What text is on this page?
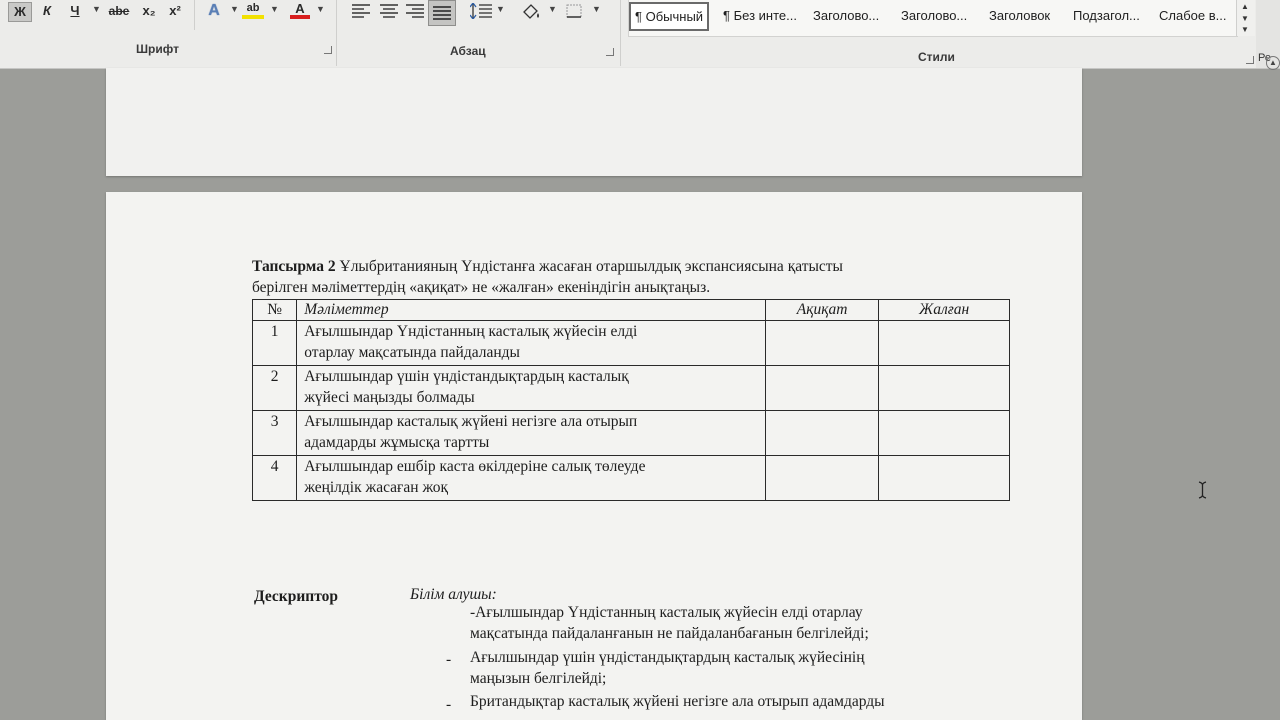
Ж	К	Ч	▼ abe	x₂	x²	A	▼ ab	▼	A	▼
Шрифт
▼	▼	▼
Абзац
¶ Обычный	¶ Без инте... Заголово... Заголово... Заголовок Подзагол... Слабое в...
▲
▼
▼
Стили	Ре
▲
Тапсырма 2 Ұлыбританияның Үндістанға жасаған отаршылдық экспансиясына қатысты
берілген мәліметтердің «ақиқат» не «жалған» екеніндігін анықтаңыз.
№	Мәліметтер	Ақиқат	Жалған
1	Ағылшындар Үндістанның касталық жүйесін елді
отарлау мақсатында пайдаланды		
2	Ағылшындар үшін үндістандықтардың касталық
жүйесі маңызды болмады		
3	Ағылшындар касталық жүйені негізге ала отырып
адамдарды жұмысқа тартты		
4	Ағылшындар ешбір каста өкілдеріне салық төлеуде
жеңілдік жасаған жоқ		
Дескриптор	Білім алушы:
-Ағылшындар Үндістанның касталық жүйесін елді отарлау
мақсатында пайдаланғанын не пайдаланбағанын белгілейді;
- Ағылшындар үшін үндістандықтардың касталық жүйесінің
маңызын белгілейді;
- Британдықтар касталық жүйені негізге ала отырып адамдарды
